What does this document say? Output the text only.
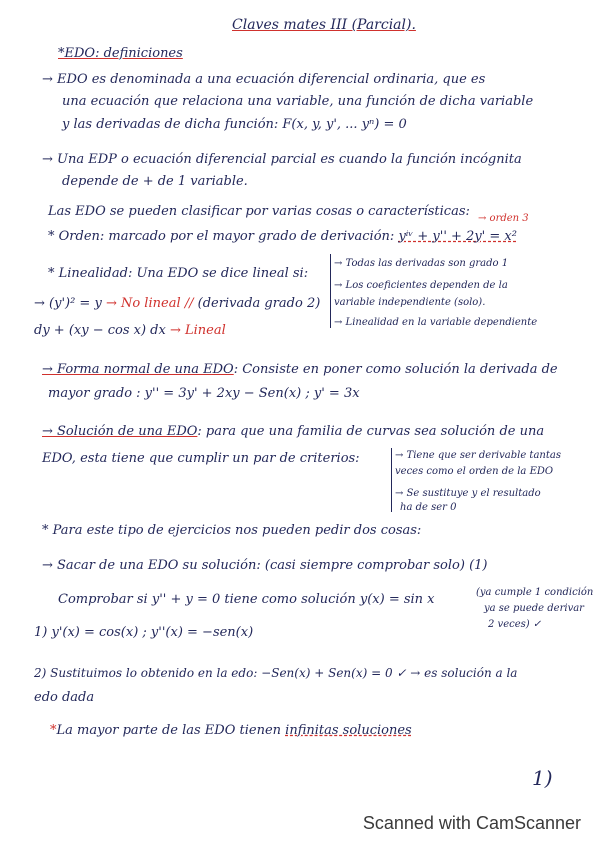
Claves mates III (Parcial).
*EDO: definiciones
→ EDO es denominada a una ecuación diferencial ordinaria, que es
una ecuación que relaciona una variable, una función de dicha variable
y las derivadas de dicha función: F(x, y, y', ... yⁿ) = 0
→ Una EDP o ecuación diferencial parcial es cuando la función incógnita
depende de + de 1 variable.
Las EDO se pueden clasificar por varias cosas o características:
* Orden: marcado por el mayor grado de derivación: yⁱᵛ + y'' + 2y' = x²
→ orden 3
* Linealidad: Una EDO se dice lineal si:
→ Todas las derivadas son grado 1
→ Los coeficientes dependen de la
variable independiente (solo).
→ Linealidad en la variable dependiente
→ (y')² = y → No lineal // (derivada grado 2)
dy + (xy − cos x) dx → Lineal
→ Forma normal de una EDO: Consiste en poner como solución la derivada de
mayor grado : y'' = 3y' + 2xy − Sen(x) ; y' = 3x
→ Solución de una EDO: para que una familia de curvas sea solución de una
EDO, esta tiene que cumplir un par de criterios:	→ Tiene que ser derivable tantas
veces como el orden de la EDO
→ Se sustituye y el resultado
ha de ser 0
* Para este tipo de ejercicios nos pueden pedir dos cosas:
→ Sacar de una EDO su solución: (casi siempre comprobar solo) (1)
Comprobar si y'' + y = 0 tiene como solución y(x) = sin x	(ya cumple 1 condición
ya se puede derivar
2 veces) ✓
1) y'(x) = cos(x) ; y''(x) = −sen(x)
2) Sustituimos lo obtenido en la edo: −Sen(x) + Sen(x) = 0 ✓ → es solución a la
edo dada
*La mayor parte de las EDO tienen infinitas soluciones
1)
Scanned with CamScanner
